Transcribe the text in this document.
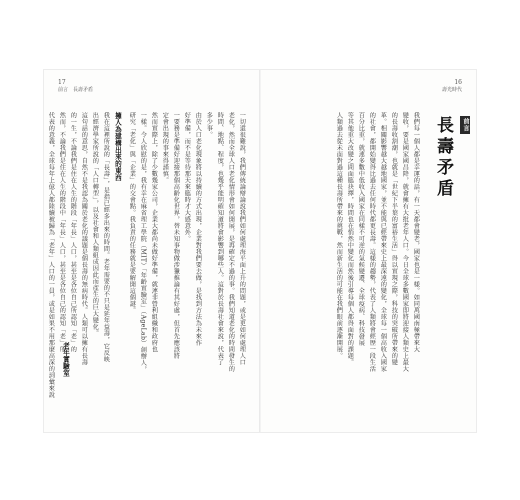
17
前言　長壽矛盾
16
壽光時代
前言
長壽矛盾
我們每一個人都是幸運的話，有一天都會變老，國家也是一樣。如同萬國南極帶來大
變收，要是國家國昌降，就會擁有大批老年人口。今日全球多數國家即將迎接人類史上最大
的長壽收割潮，也就是「世紀下半葉的富裕生活」得以實現之際，科技的突破所帶來的變
革。相關影響越大越地國家，並不能與已經帶來史上最深遠的變化，全球每一個高收入國家
的社會，都開始變得比過去任何時代都更長壽。這樣的趨勢，代表了人類將會經歷一段生活
百分比重，就連多數中低收入國家在同樣不可逆的氣候變遷、全球疫病、科技發展
等其他重大改變之間面臨抉擇，時間也在悄然中變化而然後引導每個人都得面對的課題。
人類過去從未面對過這種長壽所帶來的挑戰，然而新生活的可能在我們眼前逐漸開展。
一切還很難說，我們傳統論辯論說我們如何處理海平面上升的問題，或是更如何處理人口
老化，然而全球人口老化情形會如何開展，是再確定不過的事。我們知道老化的時間發生的
時間、地點、程度，也幾乎能明確知道將會影響到哪些人。這對於長壽社會來說，代表了
多少事。
由於人口老化現象將以持續的方式出現，企業對我們要去做，是找到方法為未來作
好準備，而不是等待那天來臨時才大感意外。
一要務是準備好迎接那個高齡化世界，替未知事物做涉獵推論有其好處，但首先應該將
定會出現的事來得謹慎。
然而實際上，除了少數幾家公司，企業大都尚未做好準備，就連非營利組織和政府也
一樣。令人欣慰的是，我有幸在麻省理工學院（MIT）「年齡實驗室」（AgeLab）創辦人，
研究「老化」與「企業」的交會點。我負責的任務就是要解開這個謎。
擁人為建構出來的東西
我在這裡所說的「長壽」，是指已經多出來的時間。老年需要的不只是延年益壽，它反映
出經濟學家所說的「人口轉型」，以及社會和人類組成因此而產生的巨大變化。
這句話的意思，自然不是我認為關於老化的議題是個長壽的無病時代。人類可以擁有長壽
的一生，不論我們是住在人生的階段「年長」人口，甚至是各位自己所認知「老」的
然而，不論我們是住在人生的階段中「年長」人口，甚至是各位自己的認知「老」所
代表的意義，全球每年上億人都陸續被歸為「老年」人口的一員，或是如果不用那麼高深的詞彙來說 老年實驗室
